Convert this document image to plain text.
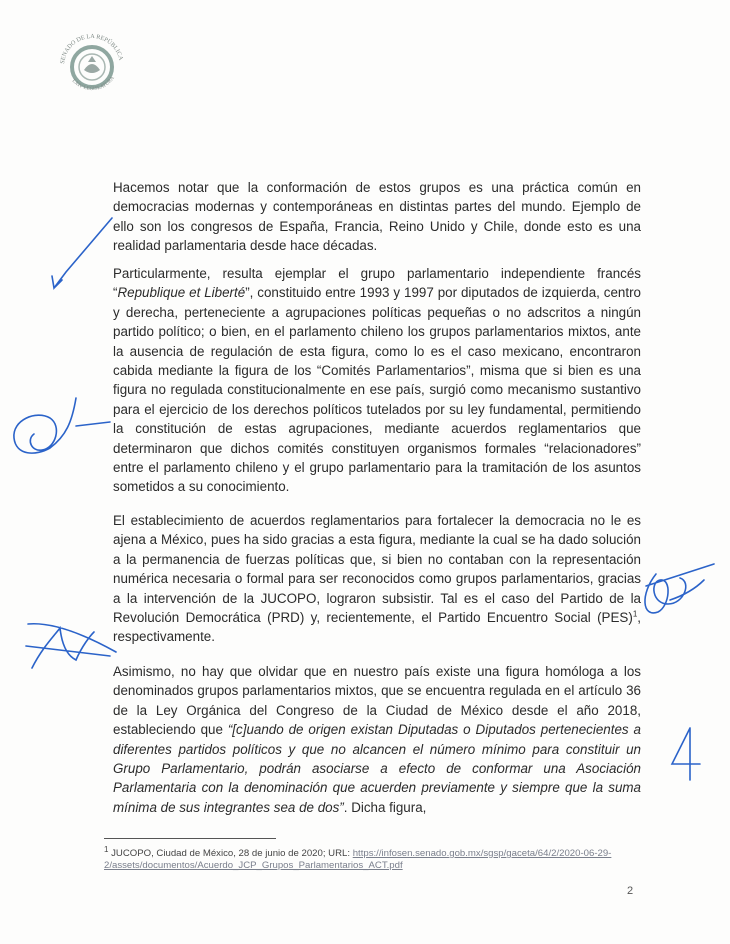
SENADO DE LA REPÚBLICA
LXIV LEGISLATURA

Hacemos notar que la conformación de estos grupos es una práctica común en democracias modernas y contemporáneas en distintas partes del mundo. Ejemplo de ello son los congresos de España, Francia, Reino Unido y Chile, donde esto es una realidad parlamentaria desde hace décadas.

Particularmente, resulta ejemplar el grupo parlamentario independiente francés “Republique et Liberté”, constituido entre 1993 y 1997 por diputados de izquierda, centro y derecha, perteneciente a agrupaciones políticas pequeñas o no adscritos a ningún partido político; o bien, en el parlamento chileno los grupos parlamentarios mixtos, ante la ausencia de regulación de esta figura, como lo es el caso mexicano, encontraron cabida mediante la figura de los “Comités Parlamentarios”, misma que si bien es una figura no regulada constitucionalmente en ese país, surgió como mecanismo sustantivo para el ejercicio de los derechos políticos tutelados por su ley fundamental, permitiendo la constitución de estas agrupaciones, mediante acuerdos reglamentarios que determinaron que dichos comités constituyen organismos formales “relacionadores” entre el parlamento chileno y el grupo parlamentario para la tramitación de los asuntos sometidos a su conocimiento.

El establecimiento de acuerdos reglamentarios para fortalecer la democracia no le es ajena a México, pues ha sido gracias a esta figura, mediante la cual se ha dado solución a la permanencia de fuerzas políticas que, si bien no contaban con la representación numérica necesaria o formal para ser reconocidos como grupos parlamentarios, gracias a la intervención de la JUCOPO, lograron subsistir. Tal es el caso del Partido de la Revolución Democrática (PRD) y, recientemente, el Partido Encuentro Social (PES)$^1$, respectivamente.

Asimismo, no hay que olvidar que en nuestro país existe una figura homóloga a los denominados grupos parlamentarios mixtos, que se encuentra regulada en el artículo 36 de la Ley Orgánica del Congreso de la Ciudad de México desde el año 2018, estableciendo que “[c]uando de origen existan Diputadas o Diputados pertenecientes a diferentes partidos políticos y que no alcancen el número mínimo para constituir un Grupo Parlamentario, podrán asociarse a efecto de conformar una Asociación Parlamentaria con la denominación que acuerden previamente y siempre que la suma mínima de sus integrantes sea de dos”. Dicha figura,

$^1$ JUCOPO, Ciudad de México, 28 de junio de 2020; URL: https://infosen.senado.gob.mx/sgsp/gaceta/64/2/2020-06-29-2/assets/documentos/Acuerdo_JCP_Grupos_Parlamentarios_ACT.pdf
2
